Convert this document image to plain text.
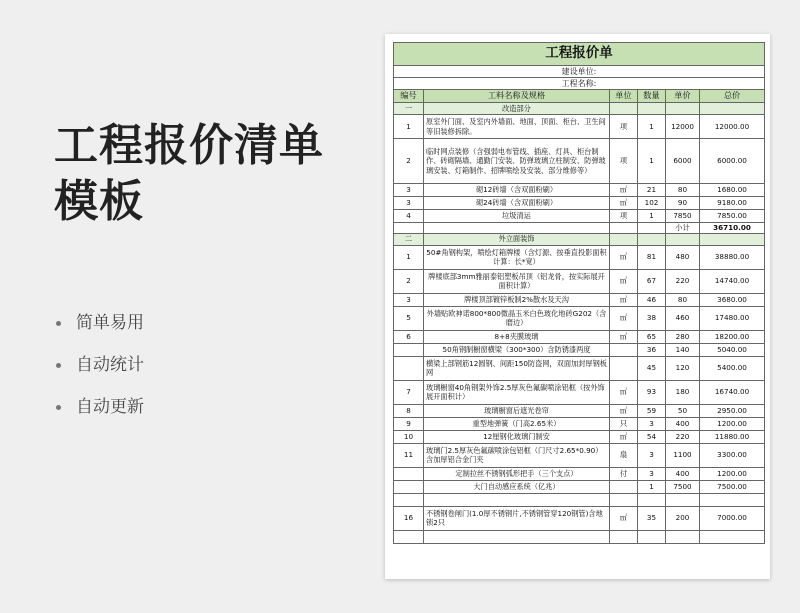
工程报价清单模板
简单易用
自动统计
自动更新
工程报价单					
建设单位:					
工程名称:					
编号	工料名称及规格	单位	数量	单价	总价
一	改造部分				
1	原室外门面、及室内外墙面、地面、顶面、柜台、卫生间等旧装修拆除。	项	1	12000	12000.00
2	临时网点装修（含强弱电布管线、插座、灯具、柜台制作、砖砌隔墙、通勤门安装、防弹玻璃立柱制安、防弹玻璃安装、灯箱制作、招牌喷绘及安装、部分维修等）	项	1	6000	6000.00
3	砌12砖墙（含双面粉刷）	㎡	21	80	1680.00
3	砌24砖墙（含双面粉刷）	㎡	102	90	9180.00
4	垃圾清运	项	1	7850	7850.00
				小计	36710.00
二	外立面装饰				
1	50#角钢构架，喷绘灯箱牌楼（含灯源、按垂直投影面积计算：长*宽）	㎡	81	480	38880.00
2	牌楼底部3mm雅丽泰铝塑板吊顶（铝龙骨，按实际展开面积计算）	㎡	67	220	14740.00
3	牌楼顶部镀锌板制2%散水及天沟	㎡	46	80	3680.00
5	外墙贴欧神诺800*800微晶玉米白色玻化地砖G202（含磨边）	㎡	38	460	17480.00
6	8+8夹膜玻璃	㎡	65	280	18200.00
	50角钢制橱窗横梁（300*300）含防锈漆两度		36	140	5040.00
	横梁上部钢筋12圆钢、间距150防盗网，双面加封厚钢板网		45	120	5400.00
7	玻璃橱窗40角钢架外饰2.5厚灰色氟碳喷涂铝框（按外饰展开面积计）	㎡	93	180	16740.00
8	玻璃橱窗后遮光卷帘	㎡	59	50	2950.00
9	重型地弹簧（门高2.65米）	只	3	400	1200.00
10	12厘钢化玻璃门制安	㎡	54	220	11880.00
11	玻璃门2.5厚灰色氟碳喷涂包铝框（门尺寸2.65*0.90）含加厚铝合金门夹	扇	3	1100	3300.00
	定制拉丝不锈钢弧形把手（三个支点）	付	3	400	1200.00
	大门自动感应系统（亿兆）		1	7500	7500.00

16	不锈钢卷闸门(1.0厚不锈钢片,不锈钢管穿120钢管)含地锁2只	㎡	35	200	7000.00
